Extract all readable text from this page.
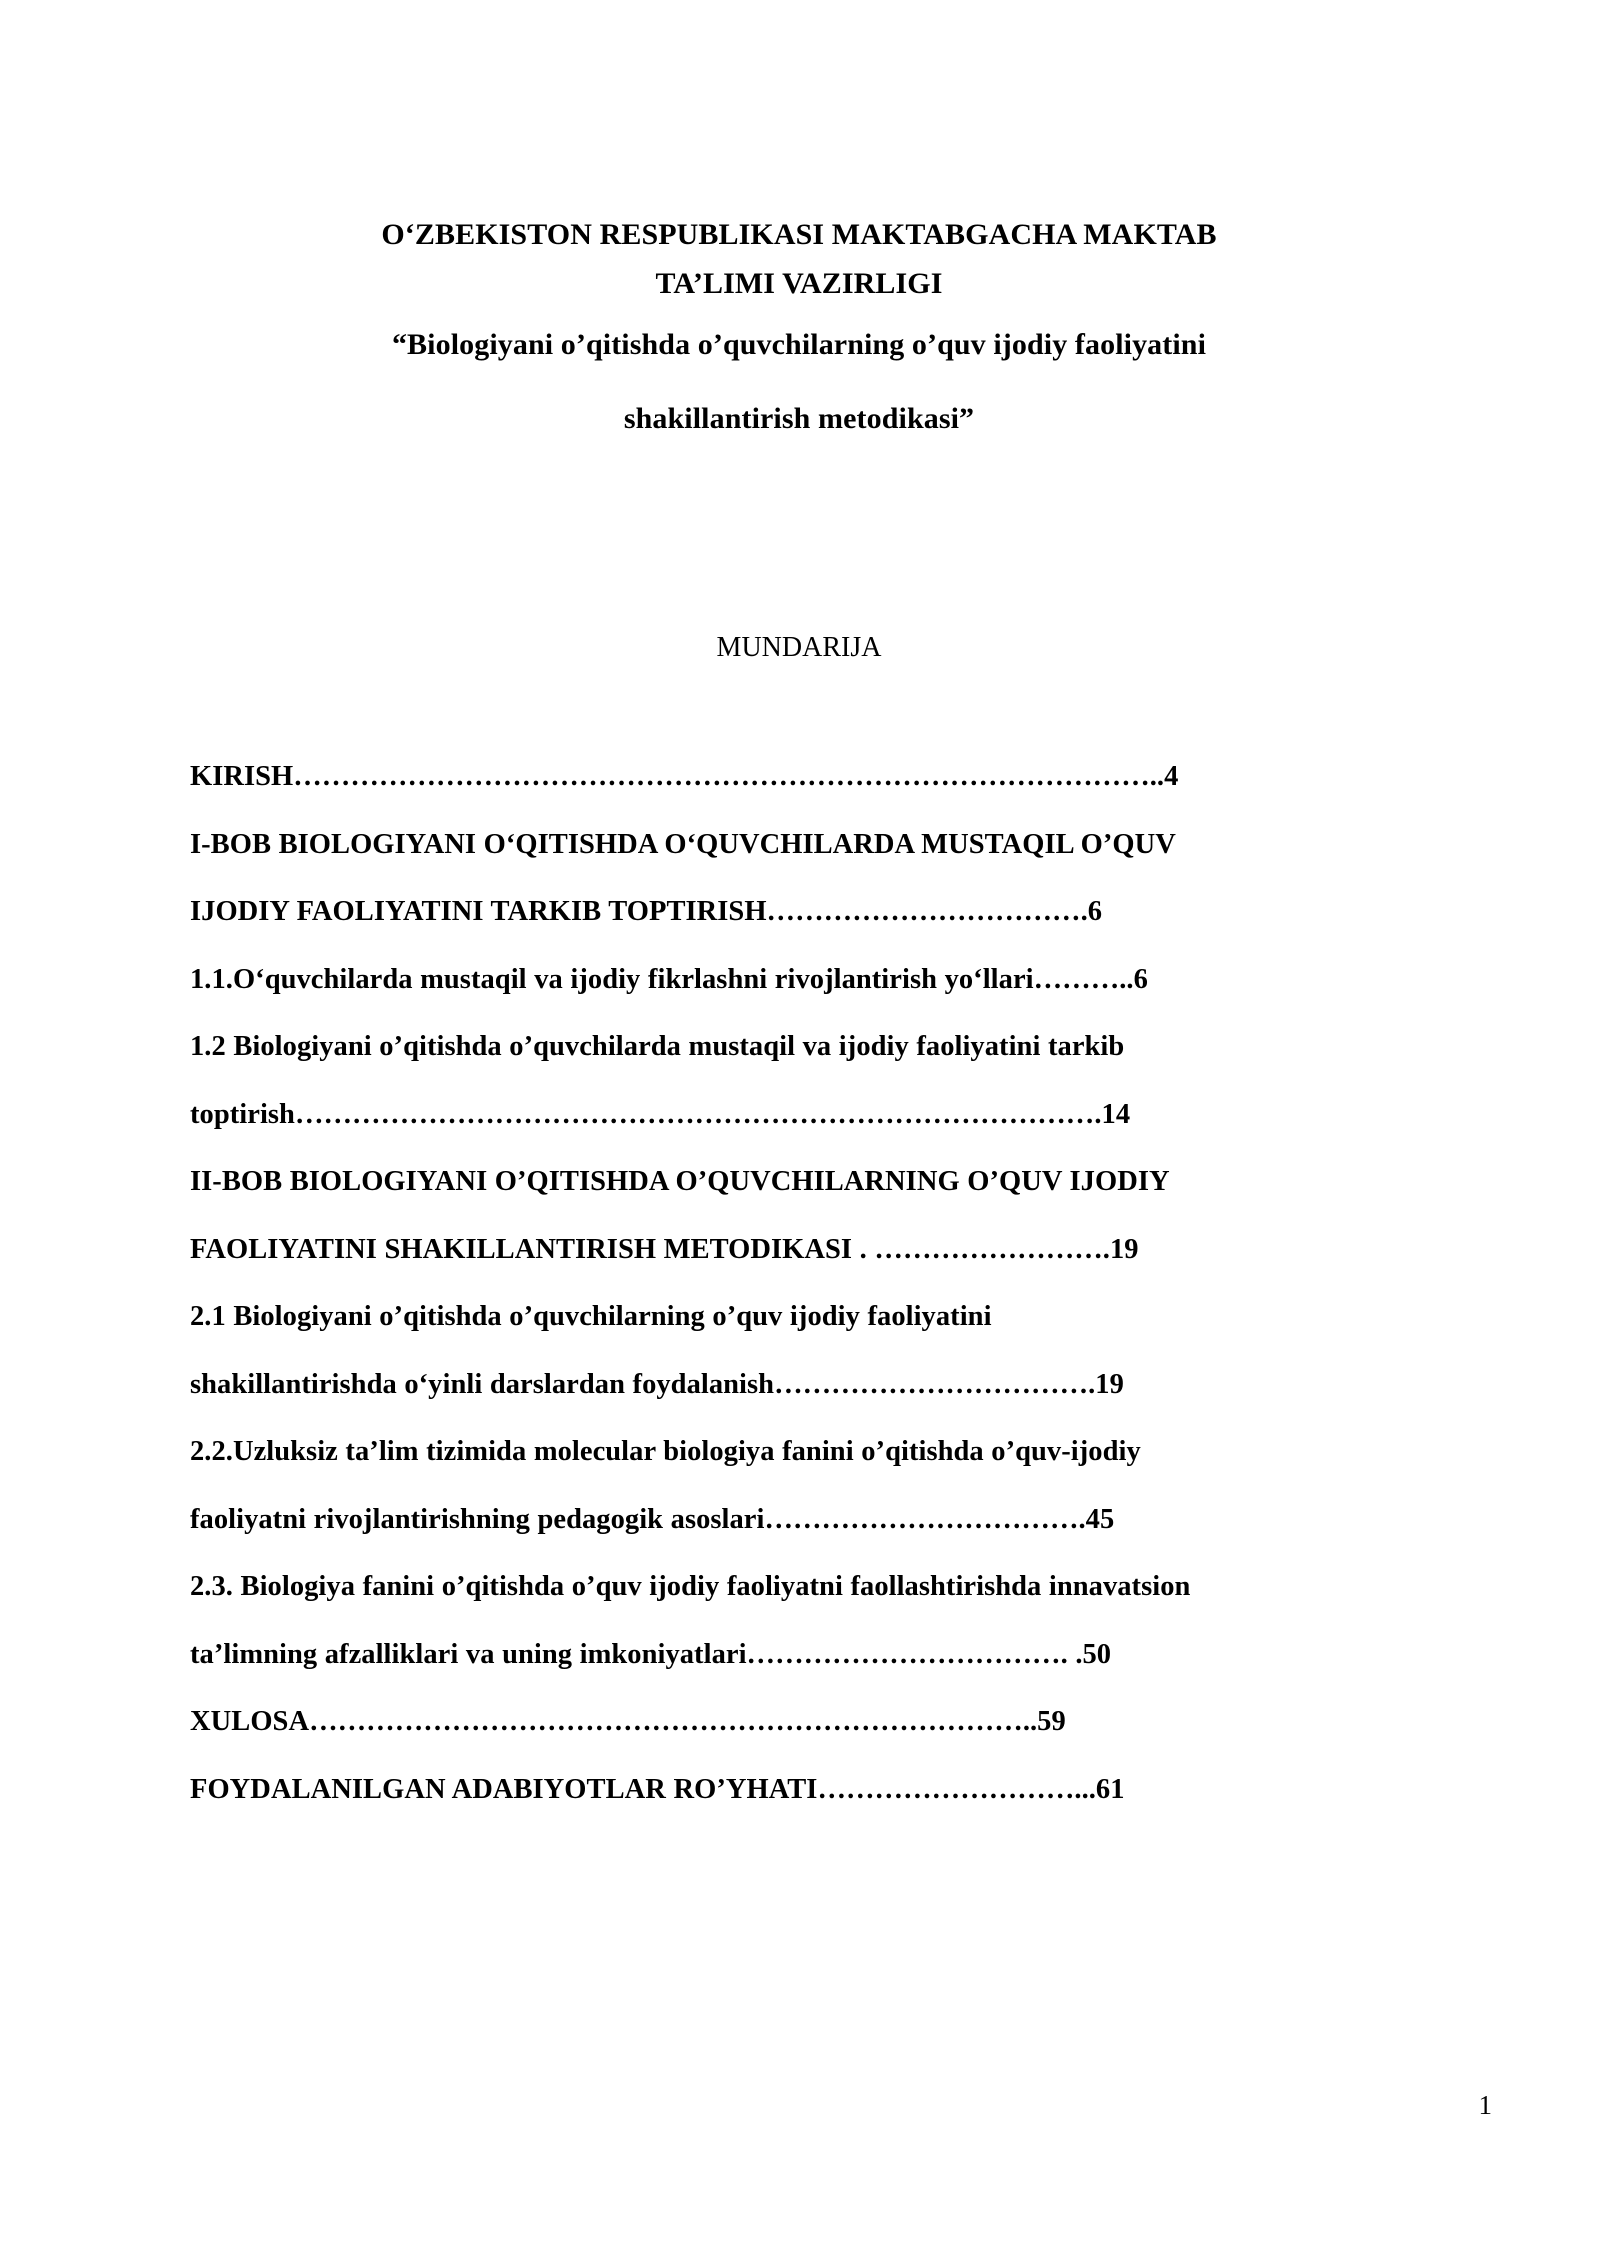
O‘ZBEKISTON RESPUBLIKASI MAKTABGACHA MAKTAB
TA’LIMI VAZIRLIGI
“Biologiyani o’qitishda o’quvchilarning o’quv ijodiy faoliyatini
shakillantirish metodikasi”
MUNDARIJA
KIRISH………………………………………………………………………………..4
I-BOB BIOLOGIYANI O‘QITISHDA O‘QUVCHILARDA MUSTAQIL O’QUV
IJODIY FAOLIYATINI TARKIB TOPTIRISH…………………………….6
1.1.O‘quvchilarda mustaqil va ijodiy fikrlashni rivojlantirish yo‘llari………..6
1.2 Biologiyani o’qitishda o’quvchilarda mustaqil va ijodiy faoliyatini tarkib
toptirish………………………………………………………………………….14
II-BOB BIOLOGIYANI O’QITISHDA O’QUVCHILARNING O’QUV IJODIY
FAOLIYATINI SHAKILLANTIRISH METODIKASI . …………………….19
2.1 Biologiyani o’qitishda o’quvchilarning o’quv ijodiy faoliyatini
shakillantirishda o‘yinli darslardan foydalanish…………………………….19
2.2.Uzluksiz ta’lim tizimida molecular biologiya fanini o’qitishda o’quv-ijodiy
faoliyatni rivojlantirishning pedagogik asoslari…………………………….45
2.3. Biologiya fanini o’qitishda o’quv ijodiy faoliyatni faollashtirishda innavatsion
ta’limning afzalliklari va uning imkoniyatlari……………………………. .50
XULOSA…………………………………………………………………..59
FOYDALANILGAN ADABIYOTLAR RO’YHATI………………………...61
1
